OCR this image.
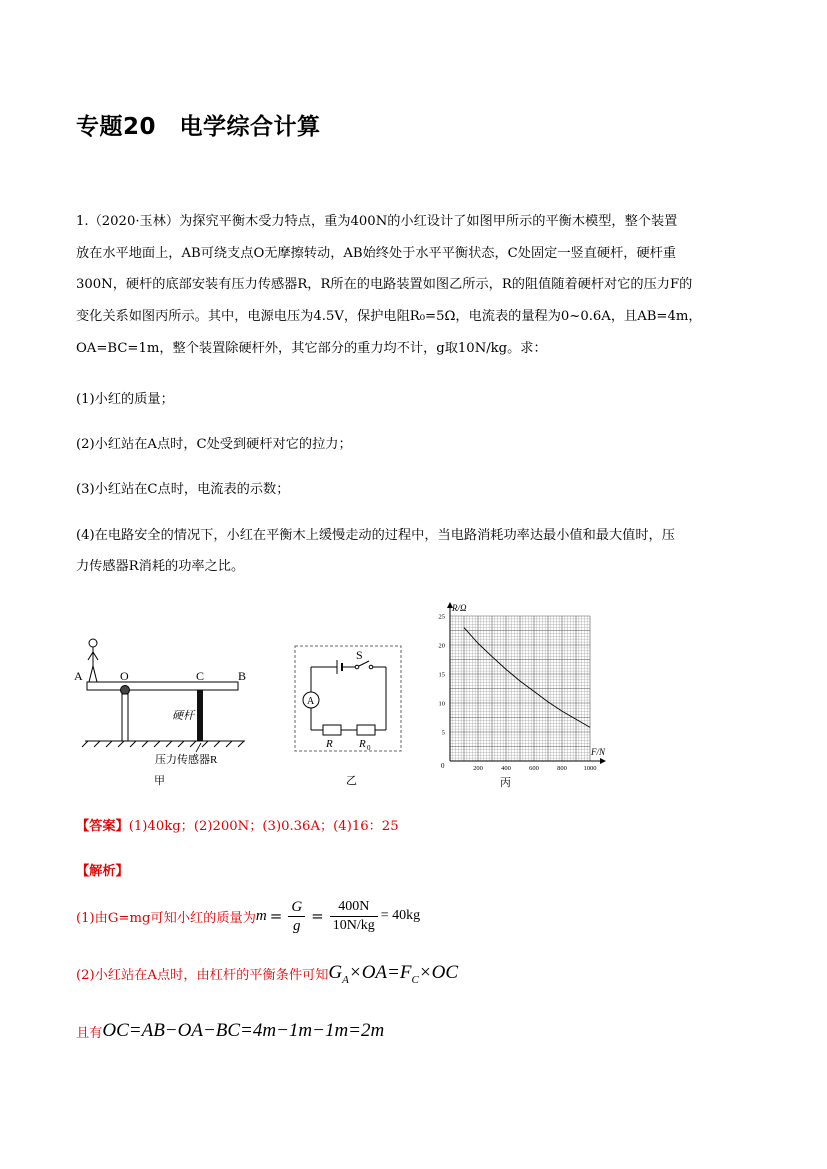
专题20　电学综合计算
1.（2020·玉林）为探究平衡木受力特点，重为400N的小红设计了如图甲所示的平衡木模型，整个装置
放在水平地面上，AB可绕支点O无摩擦转动，AB始终处于水平平衡状态，C处固定一竖直硬杆，硬杆重
300N，硬杆的底部安装有压力传感器R，R所在的电路装置如图乙所示，R的阻值随着硬杆对它的压力F的
变化关系如图丙所示。其中，电源电压为4.5V，保护电阻R₀=5Ω，电流表的量程为0~0.6A，且AB=4m，
OA=BC=1m，整个装置除硬杆外，其它部分的重力均不计，g取10N/kg。求：
(1)小红的质量；
(2)小红站在A点时，C处受到硬杆对它的拉力；
(3)小红站在C点时，电流表的示数；
(4)在电路安全的情况下，小红在平衡木上缓慢走动的过程中，当电路消耗功率达最小值和最大值时，压
力传感器R消耗的功率之比。
A	O	C	B
硬杆
压力传感器R
甲
S
A
R R 0
乙
R/Ω
F/N
0	200	400	600	800	1000
5
10
15
20
25
丙
【答案】(1)40kg；(2)200N；(3)0.36A；(4)16：25
【解析】
(1)由G=mg可知小红的质量为 $m = \frac{G}{g} = \frac{400N}{10N/kg} = 40kg$
(2)小红站在A点时，由杠杆的平衡条件可知 $G_A\times OA=F_C\times OC$
且有 OC=AB−OA−BC=4m−1m−1m=2m
